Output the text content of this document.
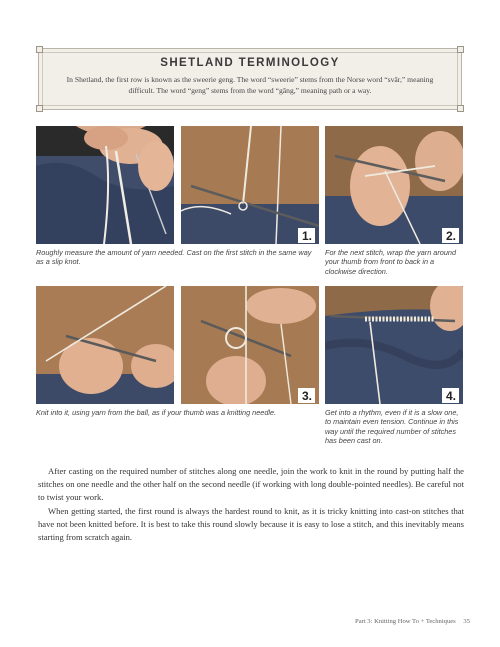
SHETLAND TERMINOLOGY

In Shetland, the first row is known as the sweerie geng. The word “sweerie” stems from the Norse word “svār,” meaning difficult. The word “geng” stems from the word “gāng,” meaning path or a way.

1.	2.

Roughly measure the amount of yarn needed. Cast on the first stitch in the same way as a slip knot.

For the next stitch, wrap the yarn around your thumb from front to back in a clockwise direction.

3.	4.

Knit into it, using yarn from the ball, as if your thumb was a knitting needle.	Get into a rhythm, even if it is a slow one, to maintain even tension. Continue in this way until the required number of stitches has been cast on.

After casting on the required number of stitches along one needle, join the work to knit in the round by putting half the stitches on one needle and the other half on the second needle (if working with long double-pointed needles). Be careful not to twist your work.

When getting started, the first round is always the hardest round to knit, as it is tricky knitting into cast-on stitches that have not been knitted before. It is best to take this round slowly because it is easy to lose a stitch, and this inevitably means starting from scratch again.

Part 3: Knitting How To + Techniques 35
